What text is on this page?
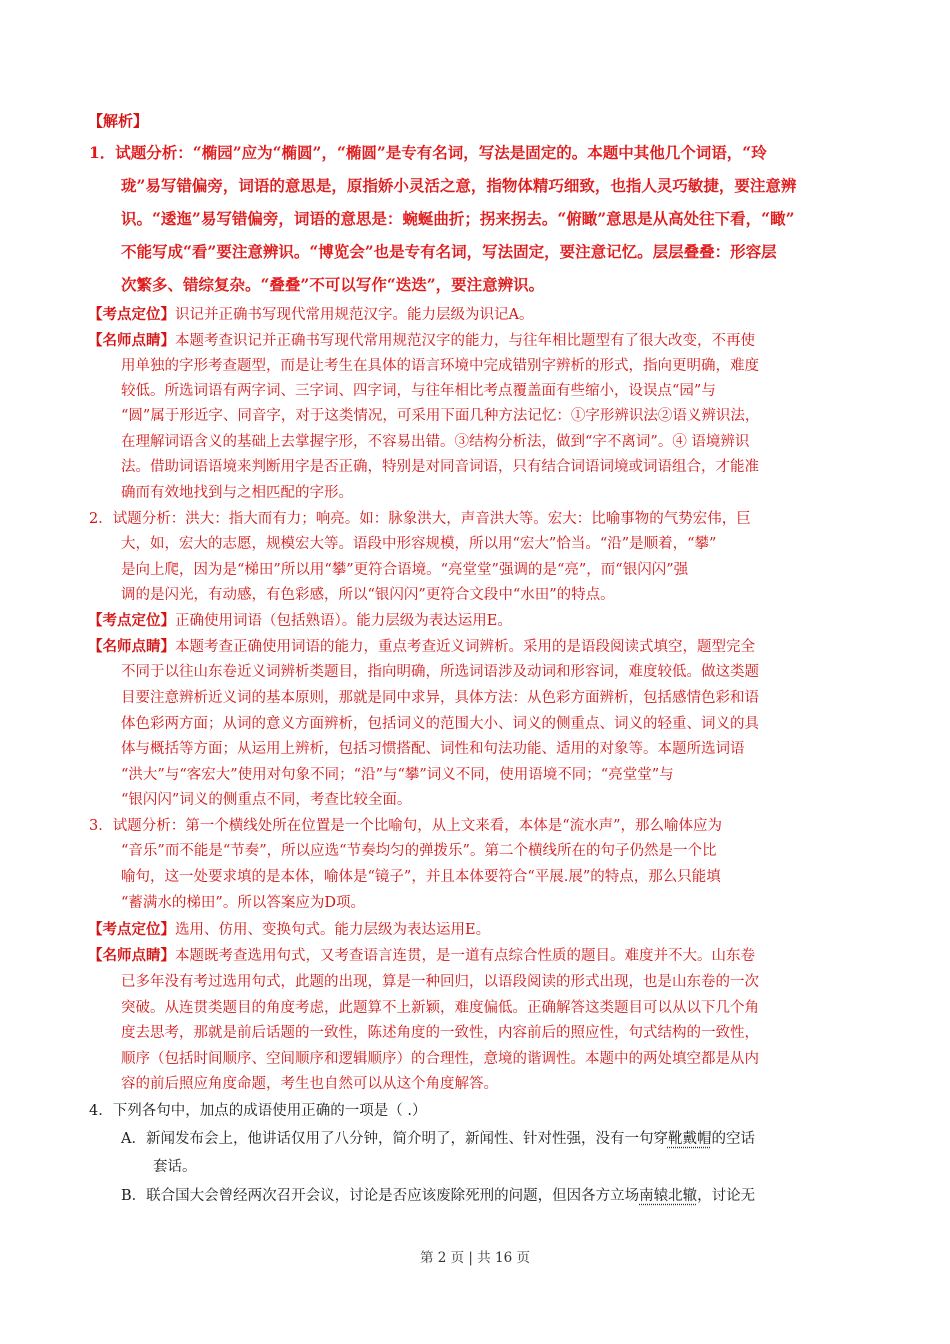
【解析】
1．试题分析：“椭园”应为“椭圆”，“椭圆”是专有名词，写法是固定的。本题中其他几个词语，“玲
珑”易写错偏旁，词语的意思是，原指娇小灵活之意，指物体精巧细致，也指人灵巧敏捷，要注意辨
识。“逶迤”易写错偏旁，词语的意思是：蜿蜒曲折；拐来拐去。“俯瞰”意思是从高处往下看，“瞰”
不能写成“看”要注意辨识。“博览会”也是专有名词，写法固定，要注意记忆。层层叠叠：形容层
次繁多、错综复杂。“叠叠”不可以写作“迭迭”，要注意辨识。
【考点定位】识记并正确书写现代常用规范汉字。能力层级为识记A。
【名师点睛】本题考查识记并正确书写现代常用规范汉字的能力，与往年相比题型有了很大改变，不再使
用单独的字形考查题型，而是让考生在具体的语言环境中完成错别字辨析的形式，指向更明确，难度
较低。所选词语有两字词、三字词、四字词，与往年相比考点覆盖面有些缩小，设误点“园”与
“圆”属于形近字、同音字，对于这类情况，可采用下面几种方法记忆：①字形辨识法②语义辨识法，
在理解词语含义的基础上去掌握字形，不容易出错。③结构分析法，做到“字不离词”。④ 语境辨识
法。借助词语语境来判断用字是否正确，特别是对同音词语，只有结合词语词境或词语组合，才能准
确而有效地找到与之相匹配的字形。
2．试题分析：洪大：指大而有力；响亮。如：脉象洪大，声音洪大等。宏大：比喻事物的气势宏伟，巨
大，如，宏大的志愿，规模宏大等。语段中形容规模，所以用“宏大”恰当。“沿”是顺着，“攀”
是向上爬，因为是“梯田”所以用“攀”更符合语境。“亮堂堂”强调的是“亮”，而“银闪闪”强
调的是闪光，有动感，有色彩感，所以“银闪闪”更符合文段中“水田”的特点。
【考点定位】正确使用词语（包括熟语）。能力层级为表达运用E。
【名师点睛】本题考查正确使用词语的能力，重点考查近义词辨析。采用的是语段阅读式填空，题型完全
不同于以往山东卷近义词辨析类题目，指向明确，所选词语涉及动词和形容词，难度较低。做这类题
目要注意辨析近义词的基本原则，那就是同中求异，具体方法：从色彩方面辨析，包括感情色彩和语
体色彩两方面；从词的意义方面辨析，包括词义的范围大小、词义的侧重点、词义的轻重、词义的具
体与概括等方面；从运用上辨析，包括习惯搭配、词性和句法功能、适用的对象等。本题所选词语
“洪大”与“客宏大”使用对句象不同；“沿”与“攀”词义不同，使用语境不同；“亮堂堂”与
“银闪闪”词义的侧重点不同，考查比较全面。
3．试题分析：第一个横线处所在位置是一个比喻句，从上文来看，本体是“流水声”，那么喻体应为
“音乐”而不能是“节奏”，所以应选“节奏均匀的弹拨乐”。第二个横线所在的句子仍然是一个比
喻句，这一处要求填的是本体，喻体是“镜子”，并且本体要符合“平展.展”的特点，那么只能填
“蓄满水的梯田”。所以答案应为D项。
【考点定位】选用、仿用、变换句式。能力层级为表达运用E。
【名师点睛】本题既考查选用句式，又考查语言连贯，是一道有点综合性质的题目。难度并不大。山东卷
已多年没有考过选用句式，此题的出现，算是一种回归，以语段阅读的形式出现，也是山东卷的一次
突破。从连贯类题目的角度考虑，此题算不上新颖，难度偏低。正确解答这类题目可以从以下几个角
度去思考，那就是前后话题的一致性，陈述角度的一致性，内容前后的照应性，句式结构的一致性，
顺序（包括时间顺序、空间顺序和逻辑顺序）的合理性，意境的谐调性。本题中的两处填空都是从内
容的前后照应角度命题，考生也自然可以从这个角度解答。
4．下列各句中，加点的成语使用正确的一项是（ .）
A．新闻发布会上，他讲话仅用了八分钟，简介明了，新闻性、针对性强，没有一句穿靴戴帽的空话
套话。
B．联合国大会曾经两次召开会议，讨论是否应该废除死刑的问题，但因各方立场南辕北辙，讨论无
第 2 页 | 共 16 页
